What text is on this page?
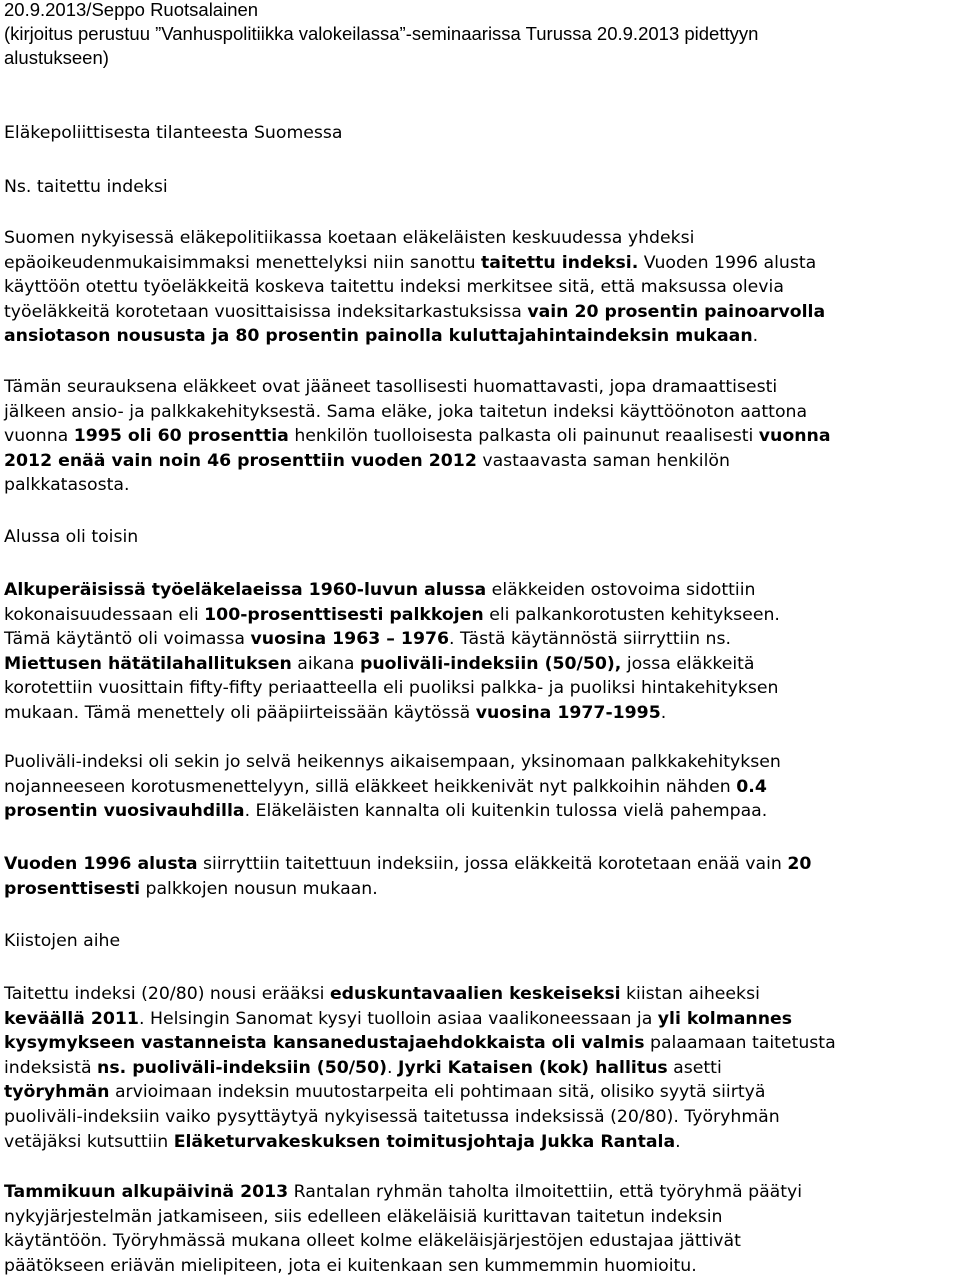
20.9.2013/Seppo Ruotsalainen
(kirjoitus perustuu ”Vanhuspolitiikka valokeilassa”-seminaarissa Turussa 20.9.2013 pidettyyn
alustukseen)
Eläkepoliittisesta tilanteesta Suomessa
Ns. taitettu indeksi
Suomen nykyisessä eläkepolitiikassa koetaan eläkeläisten keskuudessa yhdeksi
epäoikeudenmukaisimmaksi menettelyksi niin sanottu taitettu indeksi. Vuoden 1996 alusta
käyttöön otettu työeläkkeitä koskeva taitettu indeksi merkitsee sitä, että maksussa olevia
työeläkkeitä korotetaan vuosittaisissa indeksitarkastuksissa vain 20 prosentin painoarvolla
ansiotason noususta ja 80 prosentin painolla kuluttajahintaindeksin mukaan.
Tämän seurauksena eläkkeet ovat jääneet tasollisesti huomattavasti, jopa dramaattisesti
jälkeen ansio- ja palkkakehityksestä. Sama eläke, joka taitetun indeksi käyttöönoton aattona
vuonna 1995 oli 60 prosenttia henkilön tuolloisesta palkasta oli painunut reaalisesti vuonna
2012 enää vain noin 46 prosenttiin vuoden 2012 vastaavasta saman henkilön
palkkatasosta.
Alussa oli toisin
Alkuperäisissä työeläkelaeissa 1960-luvun alussa eläkkeiden ostovoima sidottiin
kokonaisuudessaan eli 100-prosenttisesti palkkojen eli palkankorotusten kehitykseen.
Tämä käytäntö oli voimassa vuosina 1963 – 1976. Tästä käytännöstä siirryttiin ns.
Miettusen hätätilahallituksen aikana puoliväli-indeksiin (50/50), jossa eläkkeitä
korotettiin vuosittain fifty-fifty periaatteella eli puoliksi palkka- ja puoliksi hintakehityksen
mukaan. Tämä menettely oli pääpiirteissään käytössä vuosina 1977-1995.
Puoliväli-indeksi oli sekin jo selvä heikennys aikaisempaan, yksinomaan palkkakehityksen
nojanneeseen korotusmenettelyyn, sillä eläkkeet heikkenivät nyt palkkoihin nähden 0.4
prosentin vuosivauhdilla. Eläkeläisten kannalta oli kuitenkin tulossa vielä pahempaa.
Vuoden 1996 alusta siirryttiin taitettuun indeksiin, jossa eläkkeitä korotetaan enää vain 20
prosenttisesti palkkojen nousun mukaan.
Kiistojen aihe
Taitettu indeksi (20/80) nousi erääksi eduskuntavaalien keskeiseksi kiistan aiheeksi
keväällä 2011. Helsingin Sanomat kysyi tuolloin asiaa vaalikoneessaan ja yli kolmannes
kysymykseen vastanneista kansanedustajaehdokkaista oli valmis palaamaan taitetusta
indeksistä ns. puoliväli-indeksiin (50/50). Jyrki Kataisen (kok) hallitus asetti
työryhmän arvioimaan indeksin muutostarpeita eli pohtimaan sitä, olisiko syytä siirtyä
puoliväli-indeksiin vaiko pysyttäytyä nykyisessä taitetussa indeksissä (20/80). Työryhmän
vetäjäksi kutsuttiin Eläketurvakeskuksen toimitusjohtaja Jukka Rantala.
Tammikuun alkupäivinä 2013 Rantalan ryhmän taholta ilmoitettiin, että työryhmä päätyi
nykyjärjestelmän jatkamiseen, siis edelleen eläkeläisiä kurittavan taitetun indeksin
käytäntöön. Työryhmässä mukana olleet kolme eläkeläisjärjestöjen edustajaa jättivät
päätökseen eriävän mielipiteen, jota ei kuitenkaan sen kummemmin huomioitu.
